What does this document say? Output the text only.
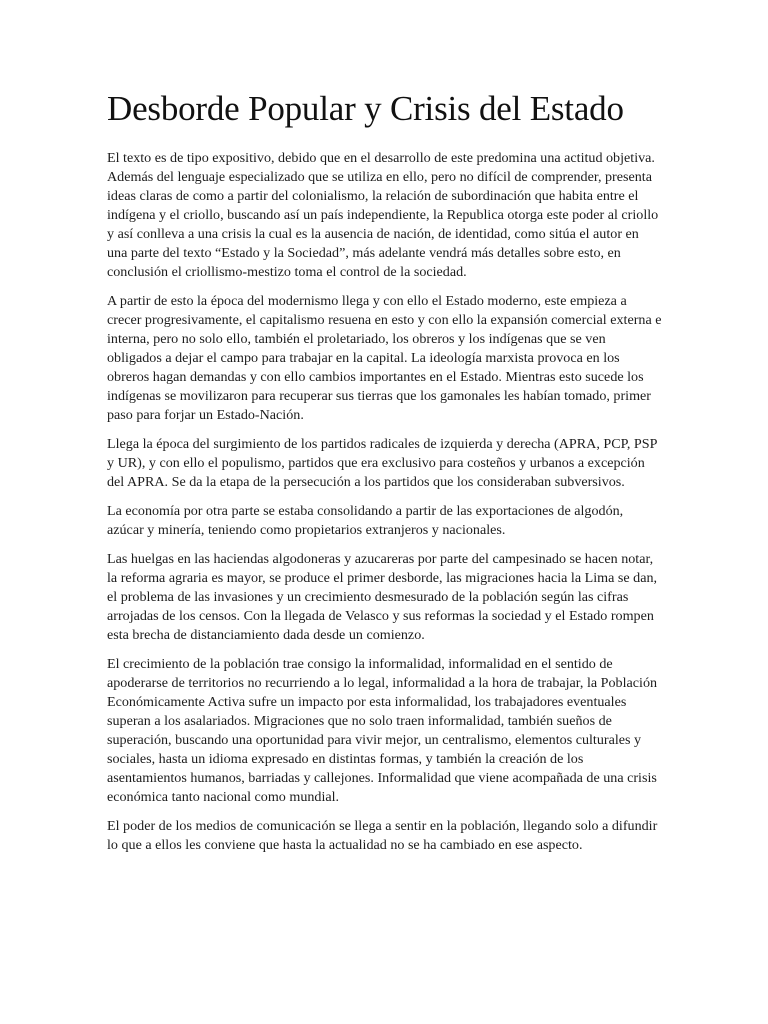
Desborde Popular y Crisis del Estado

El texto es de tipo expositivo, debido que en el desarrollo de este predomina una actitud objetiva. Además del lenguaje especializado que se utiliza en ello, pero no difícil de comprender, presenta ideas claras de como a partir del colonialismo, la relación de subordinación que habita entre el indígena y el criollo, buscando así un país independiente, la Republica otorga este poder al criollo y así conlleva a una crisis la cual es la ausencia de nación, de identidad, como sitúa el autor en una parte del texto “Estado y la Sociedad”, más adelante vendrá más detalles sobre esto, en conclusión el criollismo-mestizo toma el control de la sociedad.

A partir de esto la época del modernismo llega y con ello el Estado moderno, este empieza a crecer progresivamente, el capitalismo resuena en esto y con ello la expansión comercial externa e interna, pero no solo ello, también el proletariado, los obreros y los indígenas que se ven obligados a dejar el campo para trabajar en la capital. La ideología marxista provoca en los obreros hagan demandas y con ello cambios importantes en el Estado. Mientras esto sucede los indígenas se movilizaron para recuperar sus tierras que los gamonales les habían tomado, primer paso para forjar un Estado-Nación.

Llega la época del surgimiento de los partidos radicales de izquierda y derecha (APRA, PCP, PSP y UR), y con ello el populismo, partidos que era exclusivo para costeños y urbanos a excepción del APRA. Se da la etapa de la persecución a los partidos que los consideraban subversivos.

La economía por otra parte se estaba consolidando a partir de las exportaciones de algodón, azúcar y minería, teniendo como propietarios extranjeros y nacionales.

Las huelgas en las haciendas algodoneras y azucareras por parte del campesinado se hacen notar, la reforma agraria es mayor, se produce el primer desborde, las migraciones hacia la Lima se dan, el problema de las invasiones y un crecimiento desmesurado de la población según las cifras arrojadas de los censos. Con la llegada de Velasco y sus reformas la sociedad y el Estado rompen esta brecha de distanciamiento dada desde un comienzo.

El crecimiento de la población trae consigo la informalidad, informalidad en el sentido de apoderarse de territorios no recurriendo a lo legal, informalidad a la hora de trabajar, la Población Económicamente Activa sufre un impacto por esta informalidad, los trabajadores eventuales superan a los asalariados. Migraciones que no solo traen informalidad, también sueños de superación, buscando una oportunidad para vivir mejor, un centralismo, elementos culturales y sociales, hasta un idioma expresado en distintas formas, y también la creación de los asentamientos humanos, barriadas y callejones. Informalidad que viene acompañada de una crisis económica tanto nacional como mundial.

El poder de los medios de comunicación se llega a sentir en la población, llegando solo a difundir lo que a ellos les conviene que hasta la actualidad no se ha cambiado en ese aspecto.
